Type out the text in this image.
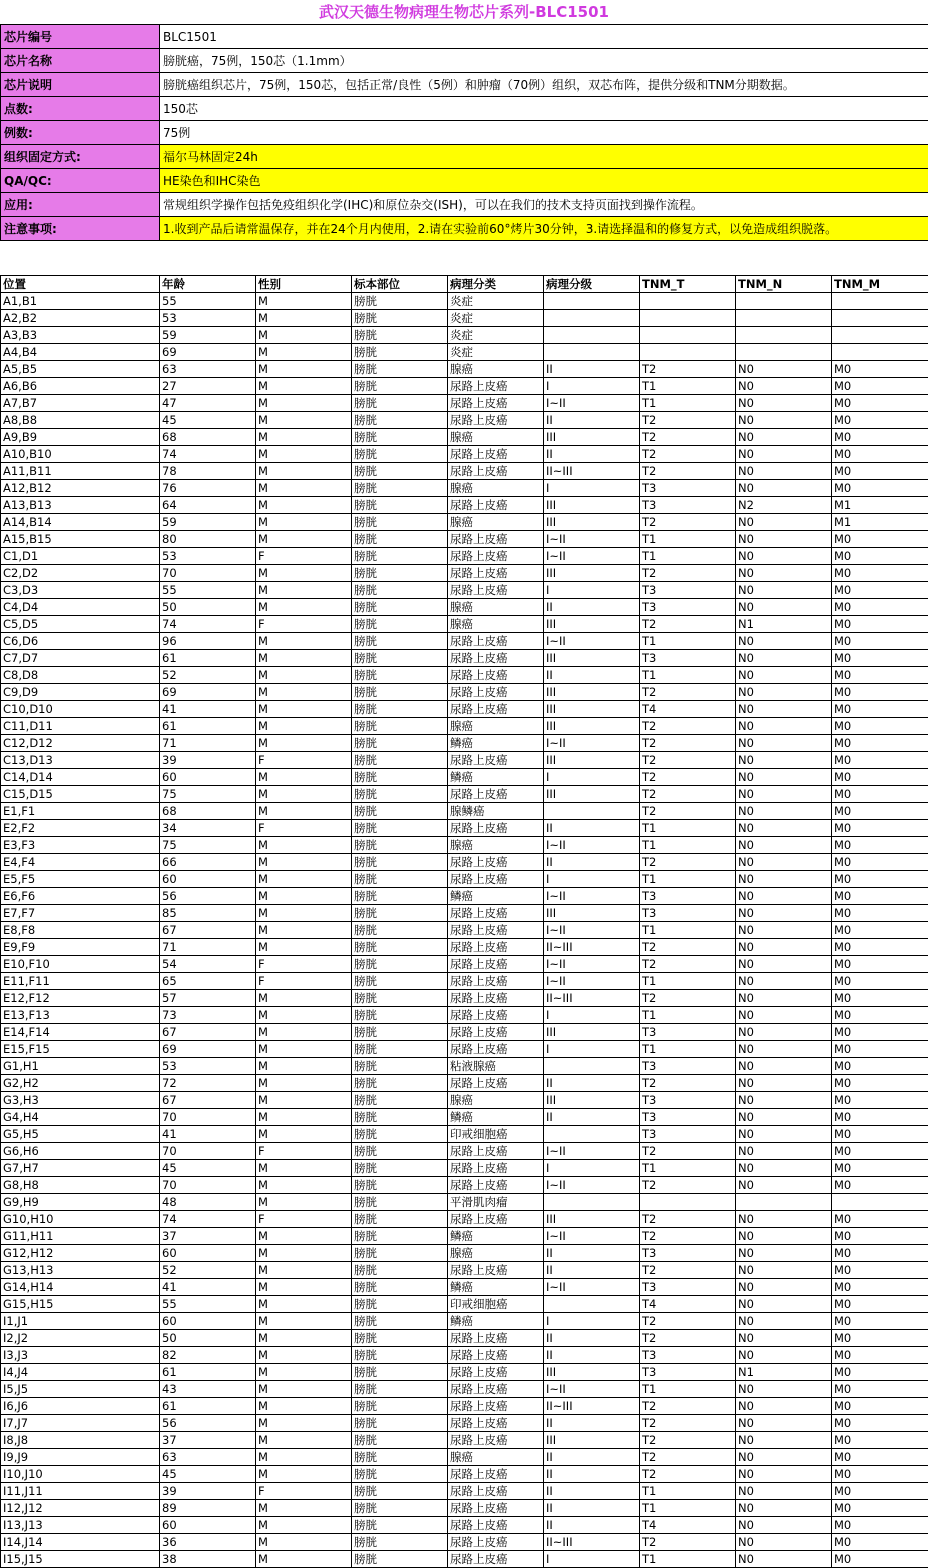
武汉天德生物病理生物芯片系列-BLC1501
芯片编号	BLC1501
芯片名称	膀胱癌，75例，150芯（1.1mm）
芯片说明	膀胱癌组织芯片，75例，150芯，包括正常/良性（5例）和肿瘤（70例）组织，双芯布阵，提供分级和TNM分期数据。
点数:	150芯
例数:	75例
组织固定方式:	福尔马林固定24h
QA/QC:	HE染色和IHC染色
应用:	常规组织学操作包括免疫组织化学(IHC)和原位杂交(ISH)，可以在我们的技术支持页面找到操作流程。
注意事项:	1.收到产品后请常温保存，并在24个月内使用，2.请在实验前60°烤片30分钟，3.请选择温和的修复方式，以免造成组织脱落。
位置	年龄	性别	标本部位	病理分类	病理分级	TNM_T	TNM_N	TNM_M
A1,B1	55	M	膀胱	炎症				
A2,B2	53	M	膀胱	炎症				
A3,B3	59	M	膀胱	炎症				
A4,B4	69	M	膀胱	炎症				
A5,B5	63	M	膀胱	腺癌	II	T2	N0	M0
A6,B6	27	M	膀胱	尿路上皮癌	I	T1	N0	M0
A7,B7	47	M	膀胱	尿路上皮癌	I~II	T1	N0	M0
A8,B8	45	M	膀胱	尿路上皮癌	II	T2	N0	M0
A9,B9	68	M	膀胱	腺癌	III	T2	N0	M0
A10,B10	74	M	膀胱	尿路上皮癌	II	T2	N0	M0
A11,B11	78	M	膀胱	尿路上皮癌	II~III	T2	N0	M0
A12,B12	76	M	膀胱	腺癌	I	T3	N0	M0
A13,B13	64	M	膀胱	尿路上皮癌	III	T3	N2	M1
A14,B14	59	M	膀胱	腺癌	III	T2	N0	M1
A15,B15	80	M	膀胱	尿路上皮癌	I~II	T1	N0	M0
C1,D1	53	F	膀胱	尿路上皮癌	I~II	T1	N0	M0
C2,D2	70	M	膀胱	尿路上皮癌	III	T2	N0	M0
C3,D3	55	M	膀胱	尿路上皮癌	I	T3	N0	M0
C4,D4	50	M	膀胱	腺癌	II	T3	N0	M0
C5,D5	74	F	膀胱	腺癌	III	T2	N1	M0
C6,D6	96	M	膀胱	尿路上皮癌	I~II	T1	N0	M0
C7,D7	61	M	膀胱	尿路上皮癌	III	T3	N0	M0
C8,D8	52	M	膀胱	尿路上皮癌	II	T1	N0	M0
C9,D9	69	M	膀胱	尿路上皮癌	III	T2	N0	M0
C10,D10	41	M	膀胱	尿路上皮癌	III	T4	N0	M0
C11,D11	61	M	膀胱	腺癌	III	T2	N0	M0
C12,D12	71	M	膀胱	鳞癌	I~II	T2	N0	M0
C13,D13	39	F	膀胱	尿路上皮癌	III	T2	N0	M0
C14,D14	60	M	膀胱	鳞癌	I	T2	N0	M0
C15,D15	75	M	膀胱	尿路上皮癌	III	T2	N0	M0
E1,F1	68	M	膀胱	腺鳞癌		T2	N0	M0
E2,F2	34	F	膀胱	尿路上皮癌	II	T1	N0	M0
E3,F3	75	M	膀胱	腺癌	I~II	T1	N0	M0
E4,F4	66	M	膀胱	尿路上皮癌	II	T2	N0	M0
E5,F5	60	M	膀胱	尿路上皮癌	I	T1	N0	M0
E6,F6	56	M	膀胱	鳞癌	I~II	T3	N0	M0
E7,F7	85	M	膀胱	尿路上皮癌	III	T3	N0	M0
E8,F8	67	M	膀胱	尿路上皮癌	I~II	T1	N0	M0
E9,F9	71	M	膀胱	尿路上皮癌	II~III	T2	N0	M0
E10,F10	54	F	膀胱	尿路上皮癌	I~II	T2	N0	M0
E11,F11	65	F	膀胱	尿路上皮癌	I~II	T1	N0	M0
E12,F12	57	M	膀胱	尿路上皮癌	II~III	T2	N0	M0
E13,F13	73	M	膀胱	尿路上皮癌	I	T1	N0	M0
E14,F14	67	M	膀胱	尿路上皮癌	III	T3	N0	M0
E15,F15	69	M	膀胱	尿路上皮癌	I	T1	N0	M0
G1,H1	53	M	膀胱	粘液腺癌		T3	N0	M0
G2,H2	72	M	膀胱	尿路上皮癌	II	T2	N0	M0
G3,H3	67	M	膀胱	腺癌	III	T3	N0	M0
G4,H4	70	M	膀胱	鳞癌	II	T3	N0	M0
G5,H5	41	M	膀胱	印戒细胞癌		T3	N0	M0
G6,H6	70	F	膀胱	尿路上皮癌	I~II	T2	N0	M0
G7,H7	45	M	膀胱	尿路上皮癌	I	T1	N0	M0
G8,H8	70	M	膀胱	尿路上皮癌	I~II	T2	N0	M0
G9,H9	48	M	膀胱	平滑肌肉瘤				
G10,H10	74	F	膀胱	尿路上皮癌	III	T2	N0	M0
G11,H11	37	M	膀胱	鳞癌	I~II	T2	N0	M0
G12,H12	60	M	膀胱	腺癌	II	T3	N0	M0
G13,H13	52	M	膀胱	尿路上皮癌	II	T2	N0	M0
G14,H14	41	M	膀胱	鳞癌	I~II	T3	N0	M0
G15,H15	55	M	膀胱	印戒细胞癌		T4	N0	M0
I1,J1	60	M	膀胱	鳞癌	I	T2	N0	M0
I2,J2	50	M	膀胱	尿路上皮癌	II	T2	N0	M0
I3,J3	82	M	膀胱	尿路上皮癌	II	T3	N0	M0
I4,J4	61	M	膀胱	尿路上皮癌	III	T3	N1	M0
I5,J5	43	M	膀胱	尿路上皮癌	I~II	T1	N0	M0
I6,J6	61	M	膀胱	尿路上皮癌	II~III	T2	N0	M0
I7,J7	56	M	膀胱	尿路上皮癌	II	T2	N0	M0
I8,J8	37	M	膀胱	尿路上皮癌	III	T2	N0	M0
I9,J9	63	M	膀胱	腺癌	II	T2	N0	M0
I10,J10	45	M	膀胱	尿路上皮癌	II	T2	N0	M0
I11,J11	39	F	膀胱	尿路上皮癌	II	T1	N0	M0
I12,J12	89	M	膀胱	尿路上皮癌	II	T1	N0	M0
I13,J13	60	M	膀胱	尿路上皮癌	II	T4	N0	M0
I14,J14	36	M	膀胱	尿路上皮癌	II~III	T2	N0	M0
I15,J15	38	M	膀胱	尿路上皮癌	I	T1	N0	M0
